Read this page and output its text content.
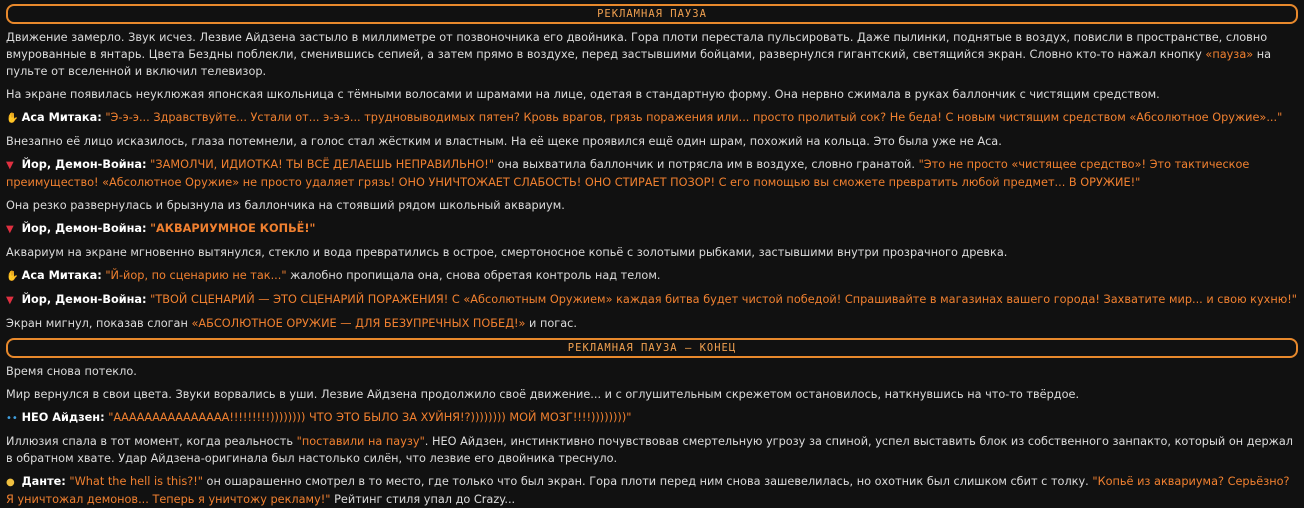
РЕКЛАМНАЯ ПАУЗА

Движение замерло. Звук исчез. Лезвие Айдзена застыло в миллиметре от позвоночника его двойника. Гора плоти перестала пульсировать. Даже пылинки, поднятые в воздух, повисли в пространстве, словно вмурованные в янтарь. Цвета Бездны поблекли, сменившись сепией, а затем прямо в воздухе, перед застывшими бойцами, развернулся гигантский, светящийся экран. Словно кто-то нажал кнопку «пауза» на пульте от вселенной и включил телевизор.

На экране появилась неуклюжая японская школьница с тёмными волосами и шрамами на лице, одетая в стандартную форму. Она нервно сжимала в руках баллончик с чистящим средством.

✋ Аса Митака: "Э-э-э... Здравствуйте... Устали от... э-э-э... трудновыводимых пятен? Кровь врагов, грязь поражения или... просто пролитый сок? Не беда! С новым чистящим средством «Абсолютное Оружие»..."

Внезапно её лицо исказилось, глаза потемнели, а голос стал жёстким и властным. На её щеке проявился ещё один шрам, похожий на кольца. Это была уже не Аса.

▼ Йор, Демон-Война: "ЗАМОЛЧИ, ИДИОТКА! ТЫ ВСЁ ДЕЛАЕШЬ НЕПРАВИЛЬНО!" она выхватила баллончик и потрясла им в воздухе, словно гранатой. "Это не просто «чистящее средство»! Это тактическое преимущество! «Абсолютное Оружие» не просто удаляет грязь! ОНО УНИЧТОЖАЕТ СЛАБОСТЬ! ОНО СТИРАЕТ ПОЗОР! С его помощью вы сможете превратить любой предмет... В ОРУЖИЕ!"

Она резко развернулась и брызнула из баллончика на стоявший рядом школьный аквариум.

▼ Йор, Демон-Война: "АКВАРИУМНОЕ КОПЬЁ!"

Аквариум на экране мгновенно вытянулся, стекло и вода превратились в острое, смертоносное копьё с золотыми рыбками, застывшими внутри прозрачного древка.

✋ Аса Митака: "Й-йор, по сценарию не так..." жалобно пропищала она, снова обретая контроль над телом.

▼ Йор, Демон-Война: "ТВОЙ СЦЕНАРИЙ — ЭТО СЦЕНАРИЙ ПОРАЖЕНИЯ! С «Абсолютным Оружием» каждая битва будет чистой победой! Спрашивайте в магазинах вашего города! Захватите мир... и свою кухню!"

Экран мигнул, показав слоган «АБСОЛЮТНОЕ ОРУЖИЕ — ДЛЯ БЕЗУПРЕЧНЫХ ПОБЕД!» и погас.

РЕКЛАМНАЯ ПАУЗА — КОНЕЦ

Время снова потекло.

Мир вернулся в свои цвета. Звуки ворвались в уши. Лезвие Айдзена продолжило своё движение... и с оглушительным скрежетом остановилось, наткнувшись на что-то твёрдое.

•• НЕО Айдзен: "ААААААААААААААА!!!!!!!!!)))))))) ЧТО ЭТО БЫЛО ЗА ХУЙНЯ!?)))))))) МОЙ МОЗГ!!!!))))))))"

Иллюзия спала в тот момент, когда реальность "поставили на паузу". НЕО Айдзен, инстинктивно почувствовав смертельную угрозу за спиной, успел выставить блок из собственного занпакто, который он держал в обратном хвате. Удар Айдзена-оригинала был настолько силён, что лезвие его двойника треснуло.

● Данте: "What the hell is this?!" он ошарашенно смотрел в то место, где только что был экран. Гора плоти перед ним снова зашевелилась, но охотник был слишком сбит с толку. "Копьё из аквариума? Серьёзно? Я уничтожал демонов... Теперь я уничтожу рекламу!" Рейтинг стиля упал до Crazy...
